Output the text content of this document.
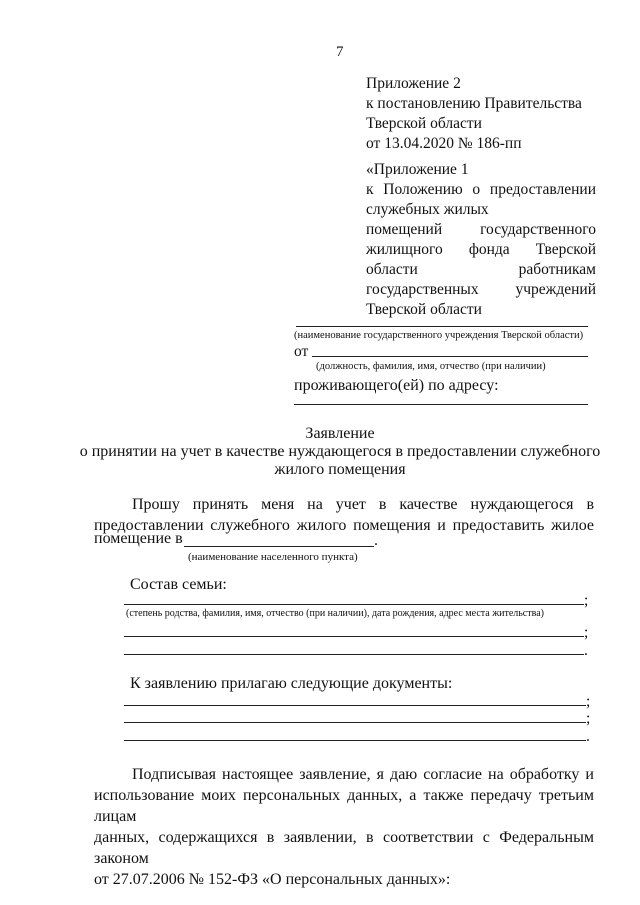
7
Приложение 2
к постановлению Правительства
Тверской области
от 13.04.2020 № 186-пп
«Приложение 1
к Положению о предоставлении
служебных жилых
помещений государственного
жилищного фонда Тверской
области работникам
государственных учреждений
Тверской области
(наименование государственного учреждения Тверской области)
от
(должность, фамилия, имя, отчество (при наличии)
проживающего(ей) по адресу:
Заявление
о принятии на учет в качестве нуждающегося в предоставлении служебного
жилого помещения
Прошу принять меня на учет в качестве нуждающегося в
предоставлении служебного жилого помещения и предоставить жилое
помещение в	.
(наименование населенного пункта)
Состав семьи:
;
(степень родства, фамилия, имя, отчество (при наличии), дата рождения, адрес места жительства)
;
.
К заявлению прилагаю следующие документы:
;
;
.
Подписывая настоящее заявление, я даю согласие на обработку и
использование моих персональных данных, а также передачу третьим лицам
данных, содержащихся в заявлении, в соответствии с Федеральным законом
от 27.07.2006 № 152-ФЗ «О персональных данных»:
